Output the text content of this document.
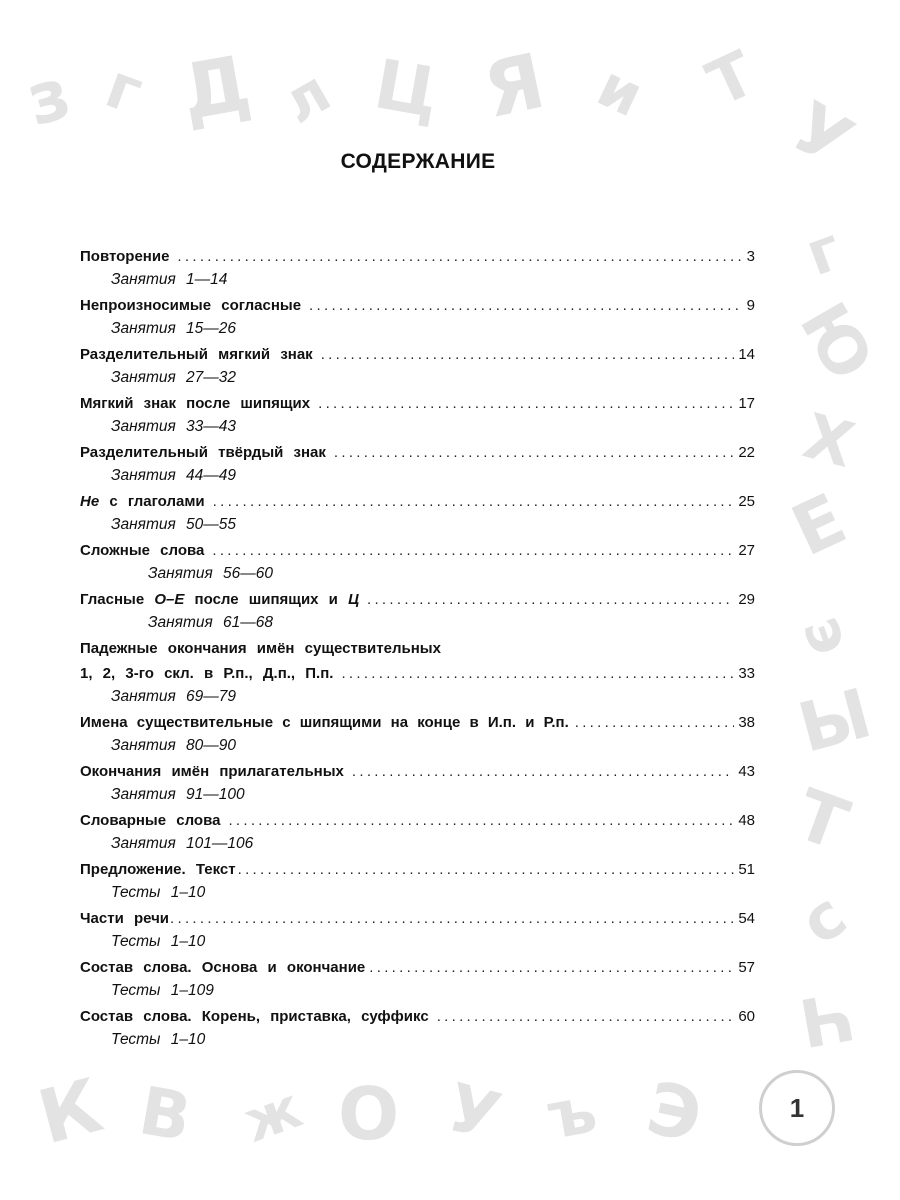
з г Д л Ц Я и Т
У
г
Ю
Х
Е
э
Ы
Т
с
Ч
К В ж О У ъ Э
СОДЕРЖАНИЕ
Повторение .....	3
Занятия 1—14
Непроизносимые согласные .....	9
Занятия 15—26
Разделительный мягкий знак .....	14
Занятия 27—32
Мягкий знак после шипящих .....	17
Занятия 33—43
Разделительный твёрдый знак .....	22
Занятия 44—49
Не с глаголами .....	25
Занятия 50—55
Сложные слова .....	27
Занятия 56—60
Гласные О–Е после шипящих и Ц .....	29
Занятия 61—68
Падежные окончания имён существительных
1, 2, 3-го скл. в Р.п., Д.п., П.п. .....	33
Занятия 69—79
Имена существительные с шипящими на конце в И.п. и Р.п. .....	38
Занятия 80—90
Окончания имён прилагательных .....	43
Занятия 91—100
Словарные слова .....	48
Занятия 101—106
Предложение. Текст .....	51
Тесты 1–10
Части речи .....	54
Тесты 1–10
Состав слова. Основа и окончание .....	57
Тесты 1–109
Состав слова. Корень, приставка, суффикс .....	60
Тесты 1–10
1
